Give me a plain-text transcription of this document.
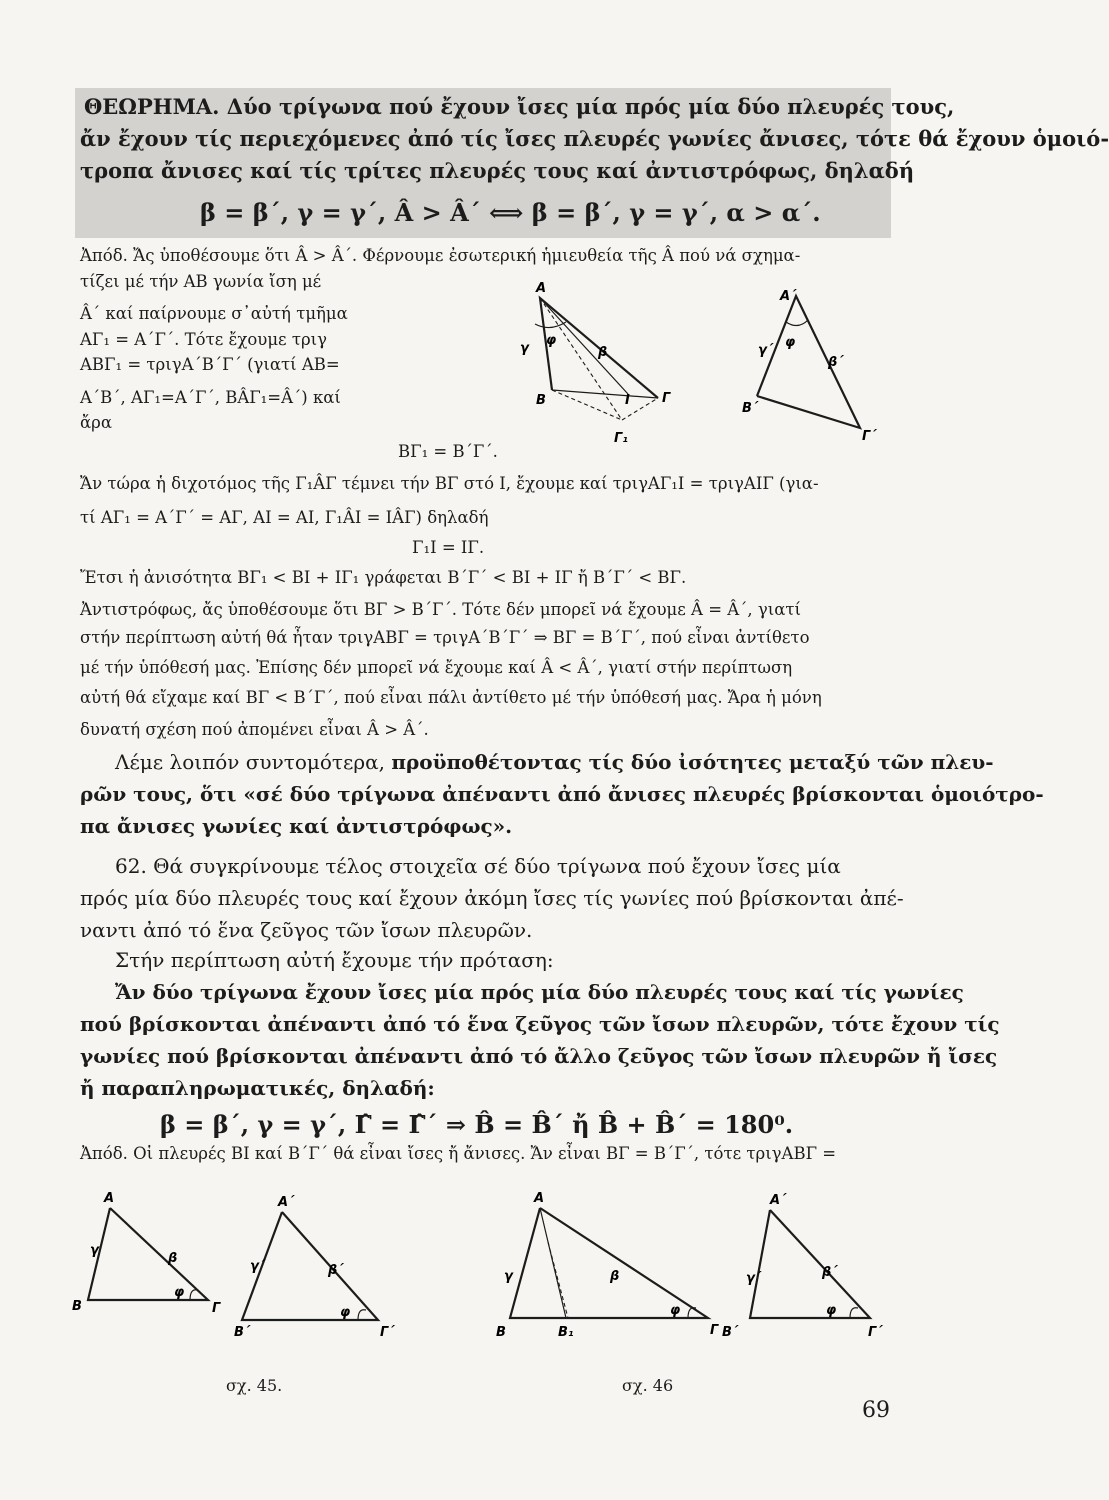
ΘΕΩΡΗΜΑ. Δύο τρίγωνα πού ἔχουν ἴσες μία πρός μία δύο πλευρές τους,
ἄν ἔχουν τίς περιεχόμενες ἀπό τίς ἴσες πλευρές γωνίες ἄνισες, τότε θά ἔχουν ὁμοιό-
τροπα ἄνισες καί τίς τρίτες πλευρές τους καί ἀντιστρόφως, δηλαδή
β = β΄, γ = γ΄, Â > Â΄ ⟺ β = β΄, γ = γ΄, α > α΄.
Ἀπόδ. Ἄς ὑποθέσουμε ὅτι Â > Â΄. Φέρνουμε ἐσωτερική ἡμιευθεία τῆς Â πού νά σχημα-
τίζει μέ τήν ΑΒ γωνία ἴση μέ
Â΄ καί παίρνουμε σ᾽αὐτή τμῆμα
ΑΓ₁ = Α΄Γ΄. Τότε ἔχουμε τριγ
ΑΒΓ₁ = τριγΑ΄Β΄Γ΄ (γιατί ΑΒ=
Α΄Β΄, ΑΓ₁=Α΄Γ΄, ΒÂΓ₁=Â΄) καί
ἄρα
ΒΓ₁ = Β΄Γ΄.
Ἄν τώρα ἡ διχοτόμος τῆς Γ₁ÂΓ τέμνει τήν ΒΓ στό Ι, ἔχουμε καί τριγΑΓ₁Ι = τριγΑΙΓ (για-
τί ΑΓ₁ = Α΄Γ΄ = ΑΓ, ΑΙ = ΑΙ, Γ₁ÂΙ = ΙÂΓ) δηλαδή
Γ₁Ι = ΙΓ.
Ἔτσι ἡ ἀνισότητα ΒΓ₁ < ΒΙ + ΙΓ₁ γράφεται Β΄Γ΄ < ΒΙ + ΙΓ ἤ Β΄Γ΄ < ΒΓ.
Ἀντιστρόφως, ἄς ὑποθέσουμε ὅτι ΒΓ > Β΄Γ΄. Τότε δέν μπορεῖ νά ἔχουμε Â = Â΄, γιατί
στήν περίπτωση αὐτή θά ἦταν τριγΑΒΓ = τριγΑ΄Β΄Γ΄ ⇒ ΒΓ = Β΄Γ΄, πού εἶναι ἀντίθετο
μέ τήν ὑπόθεσή μας. Ἐπίσης δέν μπορεῖ νά ἔχουμε καί Â < Â΄, γιατί στήν περίπτωση
αὐτή θά εἴχαμε καί ΒΓ < Β΄Γ΄, πού εἶναι πάλι ἀντίθετο μέ τήν ὑπόθεσή μας. Ἄρα ἡ μόνη
δυνατή σχέση πού ἀπομένει εἶναι Â > Â΄.
A
γ
φ
β
B	Γ
I
Γ₁
A΄
γ΄
φ
β΄
B΄
Γ΄
Λέμε λοιπόν συντομότερα, προϋποθέτοντας τίς δύο ἰσότητες μεταξύ τῶν πλευ-
ρῶν τους, ὅτι «σέ δύο τρίγωνα ἀπέναντι ἀπό ἄνισες πλευρές βρίσκονται ὁμοιότρο-
πα ἄνισες γωνίες καί ἀντιστρόφως».
62. Θά συγκρίνουμε τέλος στοιχεῖα σέ δύο τρίγωνα πού ἔχουν ἴσες μία
πρός μία δύο πλευρές τους καί ἔχουν ἀκόμη ἴσες τίς γωνίες πού βρίσκονται ἀπέ-
ναντι ἀπό τό ἕνα ζεῦγος τῶν ἴσων πλευρῶν.
Στήν περίπτωση αὐτή ἔχουμε τήν πρόταση:
Ἄν δύο τρίγωνα ἔχουν ἴσες μία πρός μία δύο πλευρές τους καί τίς γωνίες
πού βρίσκονται ἀπέναντι ἀπό τό ἕνα ζεῦγος τῶν ἴσων πλευρῶν, τότε ἔχουν τίς
γωνίες πού βρίσκονται ἀπέναντι ἀπό τό ἄλλο ζεῦγος τῶν ἴσων πλευρῶν ἤ ἴσες
ἤ παραπληρωματικές, δηλαδή:
β = β΄, γ = γ΄, Γ̂ = Γ̂΄ ⇒ B̂ = B̂΄ ἤ B̂ + B̂΄ = 180⁰.
Ἀπόδ. Οἱ πλευρές ΒΙ καί Β΄Γ΄ θά εἶναι ἴσες ἤ ἄνισες. Ἄν εἶναι ΒΓ = Β΄Γ΄, τότε τριγΑΒΓ =
A
γ
β
B
φ
Γ
A΄
γ΄	β΄
B΄
φ
Γ΄
A
γ	β
B	B₁
φ
Γ
A΄
γ΄	β΄
B΄
φ
Γ΄
σχ. 45.	σχ. 46
69
